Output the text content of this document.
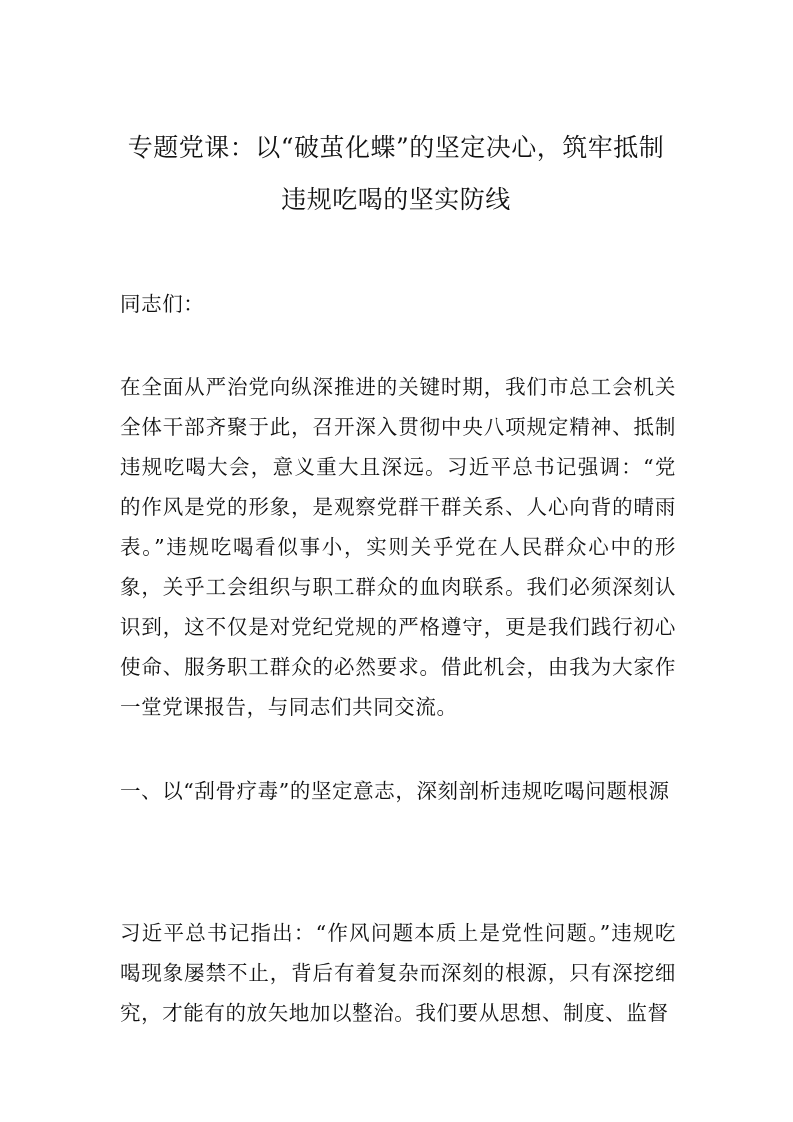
专题党课：以“破茧化蝶”的坚定决心，筑牢抵制违规吃喝的坚实防线

同志们：

在全面从严治党向纵深推进的关键时期，我们市总工会机关全体干部齐聚于此，召开深入贯彻中央八项规定精神、抵制违规吃喝大会，意义重大且深远。习近平总书记强调：“党的作风是党的形象，是观察党群干群关系、人心向背的晴雨表。”违规吃喝看似事小，实则关乎党在人民群众心中的形象，关乎工会组织与职工群众的血肉联系。我们必须深刻认识到，这不仅是对党纪党规的严格遵守，更是我们践行初心使命、服务职工群众的必然要求。借此机会，由我为大家作一堂党课报告，与同志们共同交流。

一、以“刮骨疗毒”的坚定意志，深刻剖析违规吃喝问题根源

习近平总书记指出：“作风问题本质上是党性问题。”违规吃喝现象屡禁不止，背后有着复杂而深刻的根源，只有深挖细究，才能有的放矢地加以整治。我们要从思想、制度、监督
